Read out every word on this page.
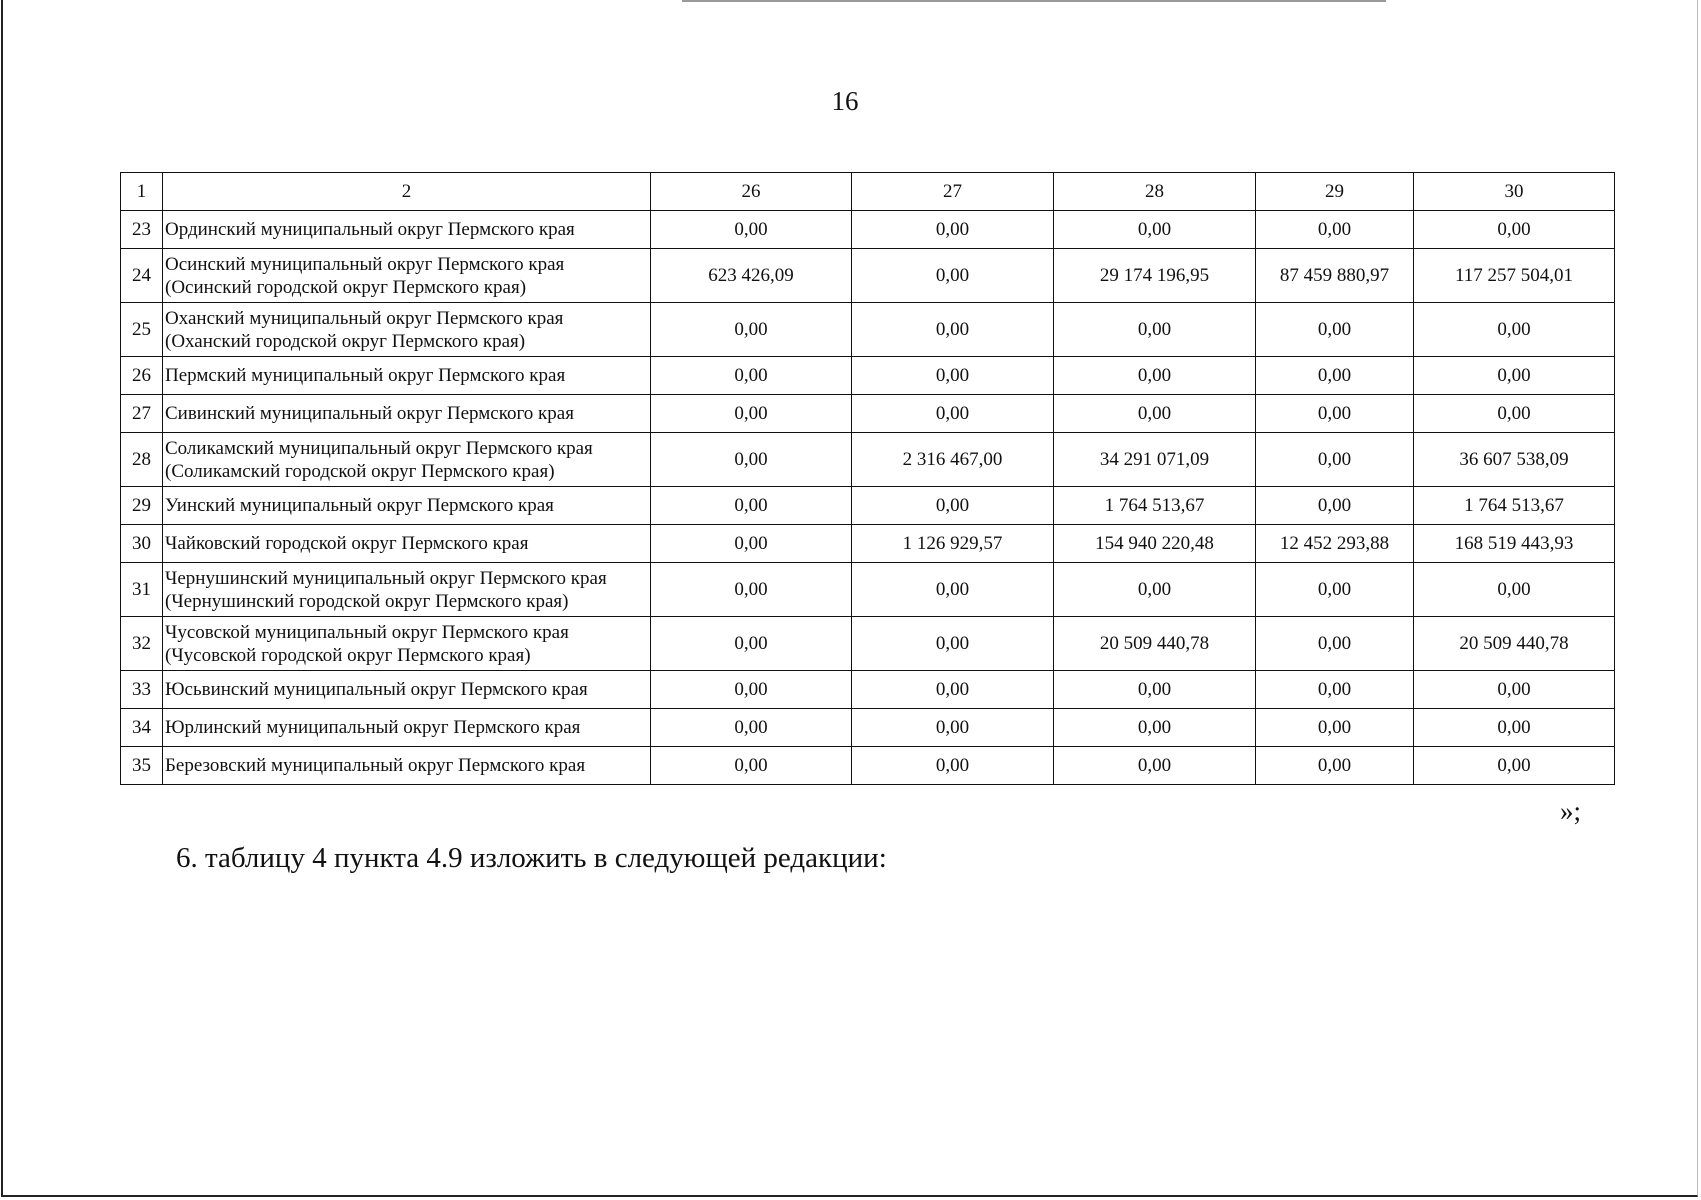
16
1	2	26	27	28	29	30
23	Ординский муниципальный округ Пермского края	0,00	0,00	0,00	0,00	0,00
24	Осинский муниципальный округ Пермского края
(Осинский городской округ Пермского края)	623 426,09	0,00	29 174 196,95	87 459 880,97	117 257 504,01
25	Оханский муниципальный округ Пермского края
(Оханский городской округ Пермского края)	0,00	0,00	0,00	0,00	0,00
26	Пермский муниципальный округ Пермского края	0,00	0,00	0,00	0,00	0,00
27	Сивинский муниципальный округ Пермского края	0,00	0,00	0,00	0,00	0,00
28	Соликамский муниципальный округ Пермского края
(Соликамский городской округ Пермского края)	0,00	2 316 467,00	34 291 071,09	0,00	36 607 538,09
29	Уинский муниципальный округ Пермского края	0,00	0,00	1 764 513,67	0,00	1 764 513,67
30	Чайковский городской округ Пермского края	0,00	1 126 929,57	154 940 220,48	12 452 293,88	168 519 443,93
31	Чернушинский муниципальный округ Пермского края
(Чернушинский городской округ Пермского края)	0,00	0,00	0,00	0,00	0,00
32	Чусовской муниципальный округ Пермского края
(Чусовской городской округ Пермского края)	0,00	0,00	20 509 440,78	0,00	20 509 440,78
33	Юсьвинский муниципальный округ Пермского края	0,00	0,00	0,00	0,00	0,00
34	Юрлинский муниципальный округ Пермского края	0,00	0,00	0,00	0,00	0,00
35	Березовский муниципальный округ Пермского края	0,00	0,00	0,00	0,00	0,00
»;
6. таблицу 4 пункта 4.9 изложить в следующей редакции:
